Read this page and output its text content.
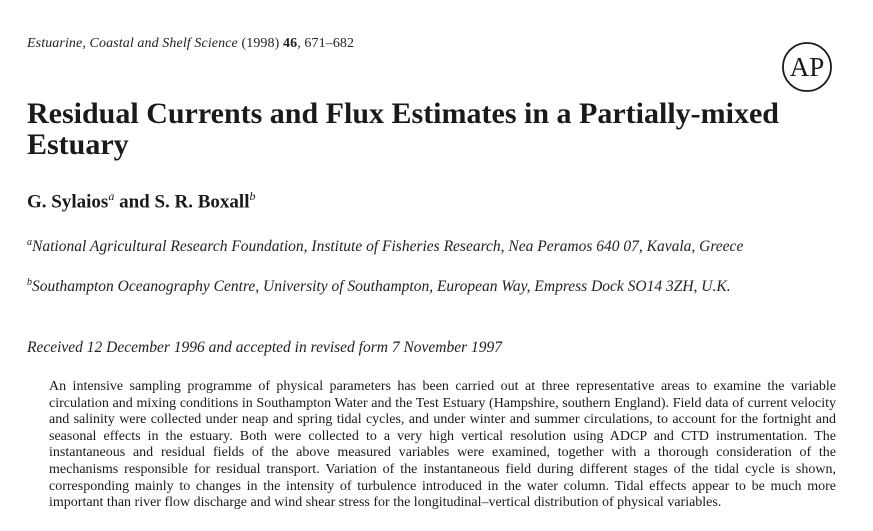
Estuarine, Coastal and Shelf Science (1998) 46, 671–682
AP
Residual Currents and Flux Estimates in a Partially-mixed Estuary
G. Sylaios$^a$ and S. R. Boxall$^b$
$^a$National Agricultural Research Foundation, Institute of Fisheries Research, Nea Peramos 640 07, Kavala, Greece
$^b$Southampton Oceanography Centre, University of Southampton, European Way, Empress Dock SO14 3ZH, U.K.
Received 12 December 1996 and accepted in revised form 7 November 1997

An intensive sampling programme of physical parameters has been carried out at three representative areas to examine the variable circulation and mixing conditions in Southampton Water and the Test Estuary (Hampshire, southern England). Field data of current velocity and salinity were collected under neap and spring tidal cycles, and under winter and summer circulations, to account for the fortnight and seasonal effects in the estuary. Both were collected to a very high vertical resolution using ADCP and CTD instrumentation. The instantaneous and residual fields of the above measured variables were examined, together with a thorough consideration of the mechanisms responsible for residual transport. Variation of the instantaneous field during different stages of the tidal cycle is shown, corresponding mainly to changes in the intensity of turbulence introduced in the water column. Tidal effects appear to be much more important than river flow discharge and wind shear stress for the longitudinal–vertical distribution of physical variables.
